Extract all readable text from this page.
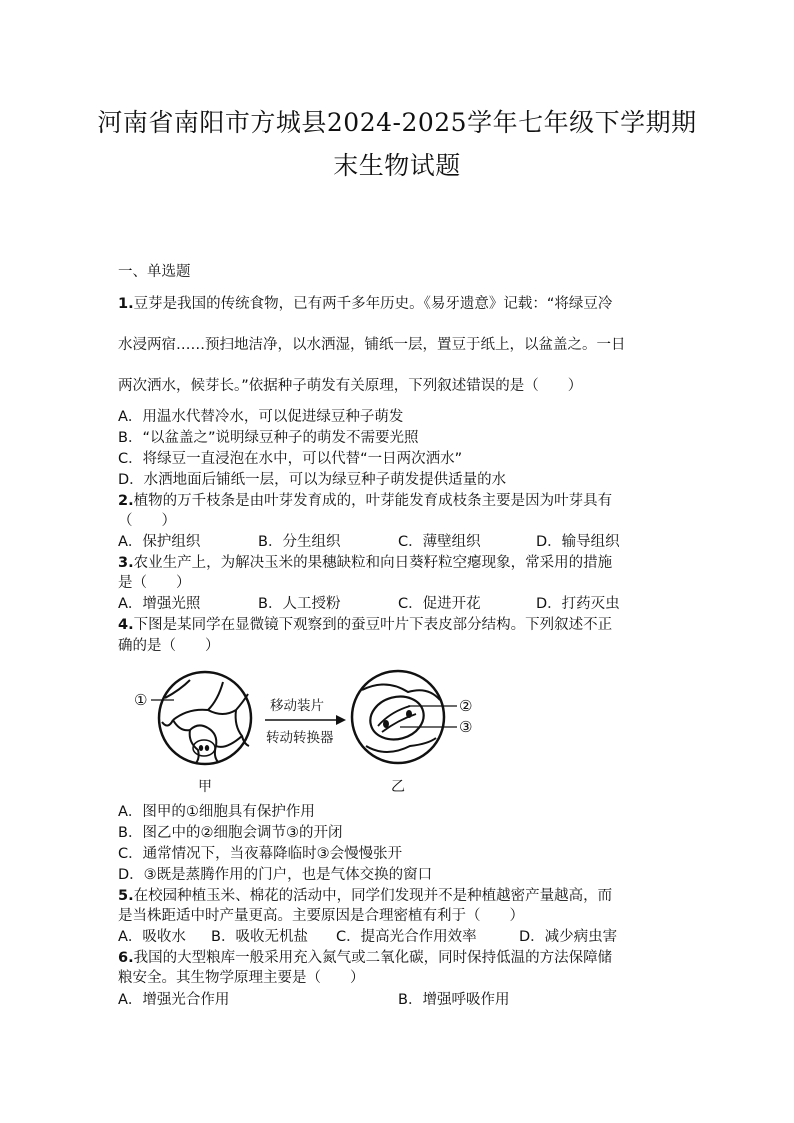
河南省南阳市方城县2024-2025学年七年级下学期期
末生物试题
一、单选题
1.豆芽是我国的传统食物，已有两千多年历史。《易牙遗意》记载：“将绿豆冷
水浸两宿……预扫地洁净，以水洒湿，铺纸一层，置豆于纸上，以盆盖之。一日
两次洒水，候芽长。”依据种子萌发有关原理，下列叙述错误的是（　　）
A．用温水代替冷水，可以促进绿豆种子萌发
B．“以盆盖之”说明绿豆种子的萌发不需要光照
C．将绿豆一直浸泡在水中，可以代替“一日两次洒水”
D．水洒地面后铺纸一层，可以为绿豆种子萌发提供适量的水
2.植物的万千枝条是由叶芽发育成的，叶芽能发育成枝条主要是因为叶芽具有
（　　）
A．保护组织	B．分生组织	C．薄壁组织	D．输导组织
3.农业生产上，为解决玉米的果穗缺粒和向日葵籽粒空瘪现象，常采用的措施
是（　　）
A．增强光照	B．人工授粉	C．促进开花	D．打药灭虫
4.下图是某同学在显微镜下观察到的蚕豆叶片下表皮部分结构。下列叙述不正
确的是（　　）
①	移动装片
转动转换器
②
③
甲	乙
A．图甲的①细胞具有保护作用
B．图乙中的②细胞会调节③的开闭
C．通常情况下，当夜幕降临时③会慢慢张开
D．③既是蒸腾作用的门户，也是气体交换的窗口
5.在校园种植玉米、棉花的活动中，同学们发现并不是种植越密产量越高，而
是当株距适中时产量更高。主要原因是合理密植有利于（　　）
A．吸收水 B．吸收无机盐 C．提高光合作用效率	D．减少病虫害
6.我国的大型粮库一般采用充入氮气或二氧化碳，同时保持低温的方法保障储
粮安全。其生物学原理主要是（　　）
A．增强光合作用	B．增强呼吸作用
